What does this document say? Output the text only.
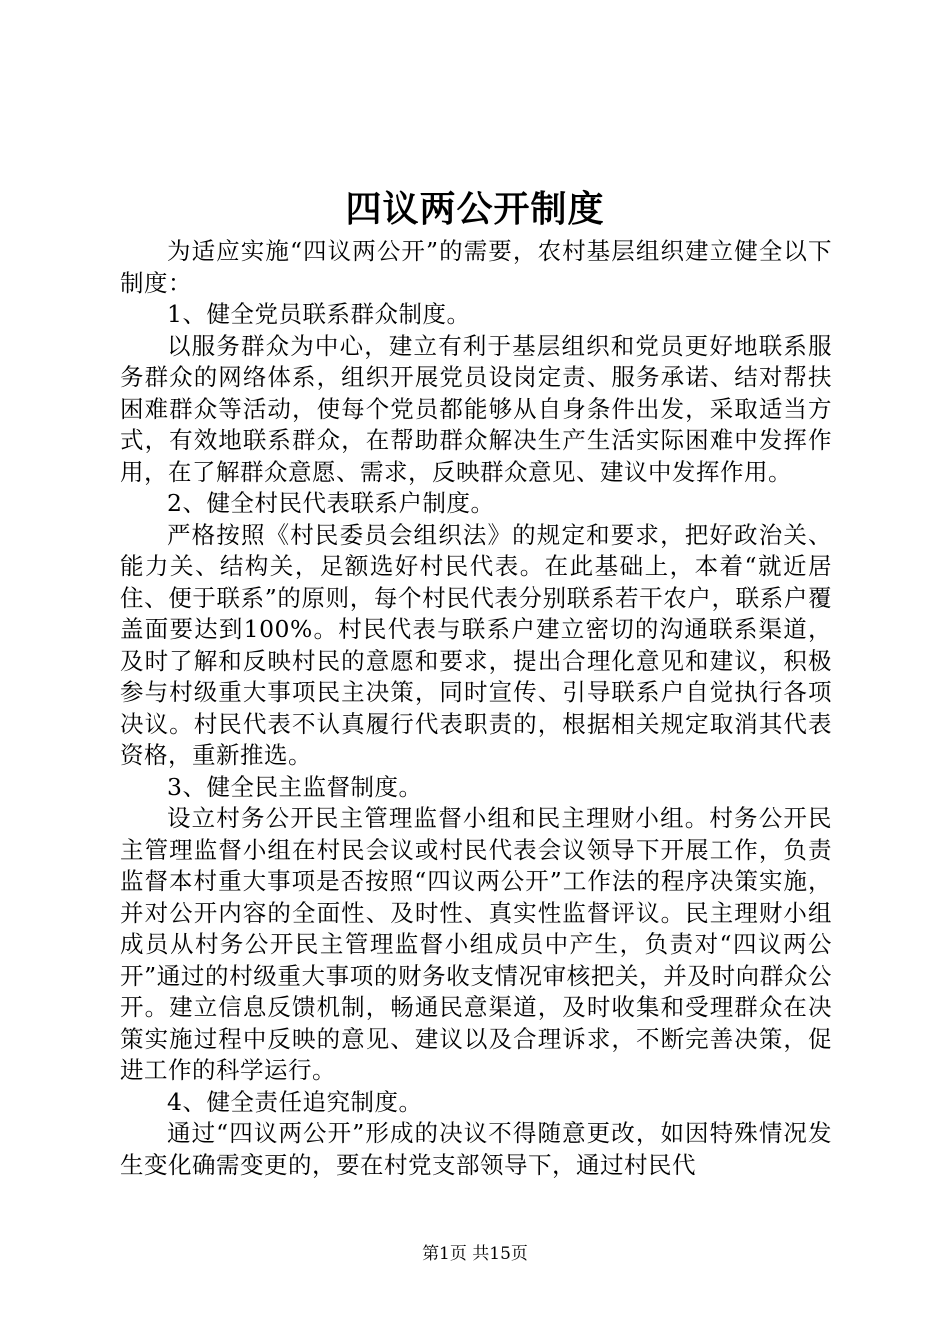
四议两公开制度

为适应实施“四议两公开”的需要，农村基层组织建立健全以下制度：

1、健全党员联系群众制度。

以服务群众为中心，建立有利于基层组织和党员更好地联系服务群众的网络体系，组织开展党员设岗定责、服务承诺、结对帮扶困难群众等活动，使每个党员都能够从自身条件出发，采取适当方式，有效地联系群众，在帮助群众解决生产生活实际困难中发挥作用，在了解群众意愿、需求，反映群众意见、建议中发挥作用。

2、健全村民代表联系户制度。

严格按照《村民委员会组织法》的规定和要求，把好政治关、能力关、结构关，足额选好村民代表。在此基础上，本着“就近居住、便于联系”的原则，每个村民代表分别联系若干农户，联系户覆盖面要达到100%。村民代表与联系户建立密切的沟通联系渠道，及时了解和反映村民的意愿和要求，提出合理化意见和建议，积极参与村级重大事项民主决策，同时宣传、引导联系户自觉执行各项决议。村民代表不认真履行代表职责的，根据相关规定取消其代表资格，重新推选。

3、健全民主监督制度。

设立村务公开民主管理监督小组和民主理财小组。村务公开民主管理监督小组在村民会议或村民代表会议领导下开展工作，负责监督本村重大事项是否按照“四议两公开”工作法的程序决策实施，并对公开内容的全面性、及时性、真实性监督评议。民主理财小组成员从村务公开民主管理监督小组成员中产生，负责对“四议两公开”通过的村级重大事项的财务收支情况审核把关，并及时向群众公开。建立信息反馈机制，畅通民意渠道，及时收集和受理群众在决策实施过程中反映的意见、建议以及合理诉求，不断完善决策，促进工作的科学运行。

4、健全责任追究制度。

通过“四议两公开”形成的决议不得随意更改，如因特殊情况发生变化确需变更的，要在村党支部领导下，通过村民代

第1页 共15页
